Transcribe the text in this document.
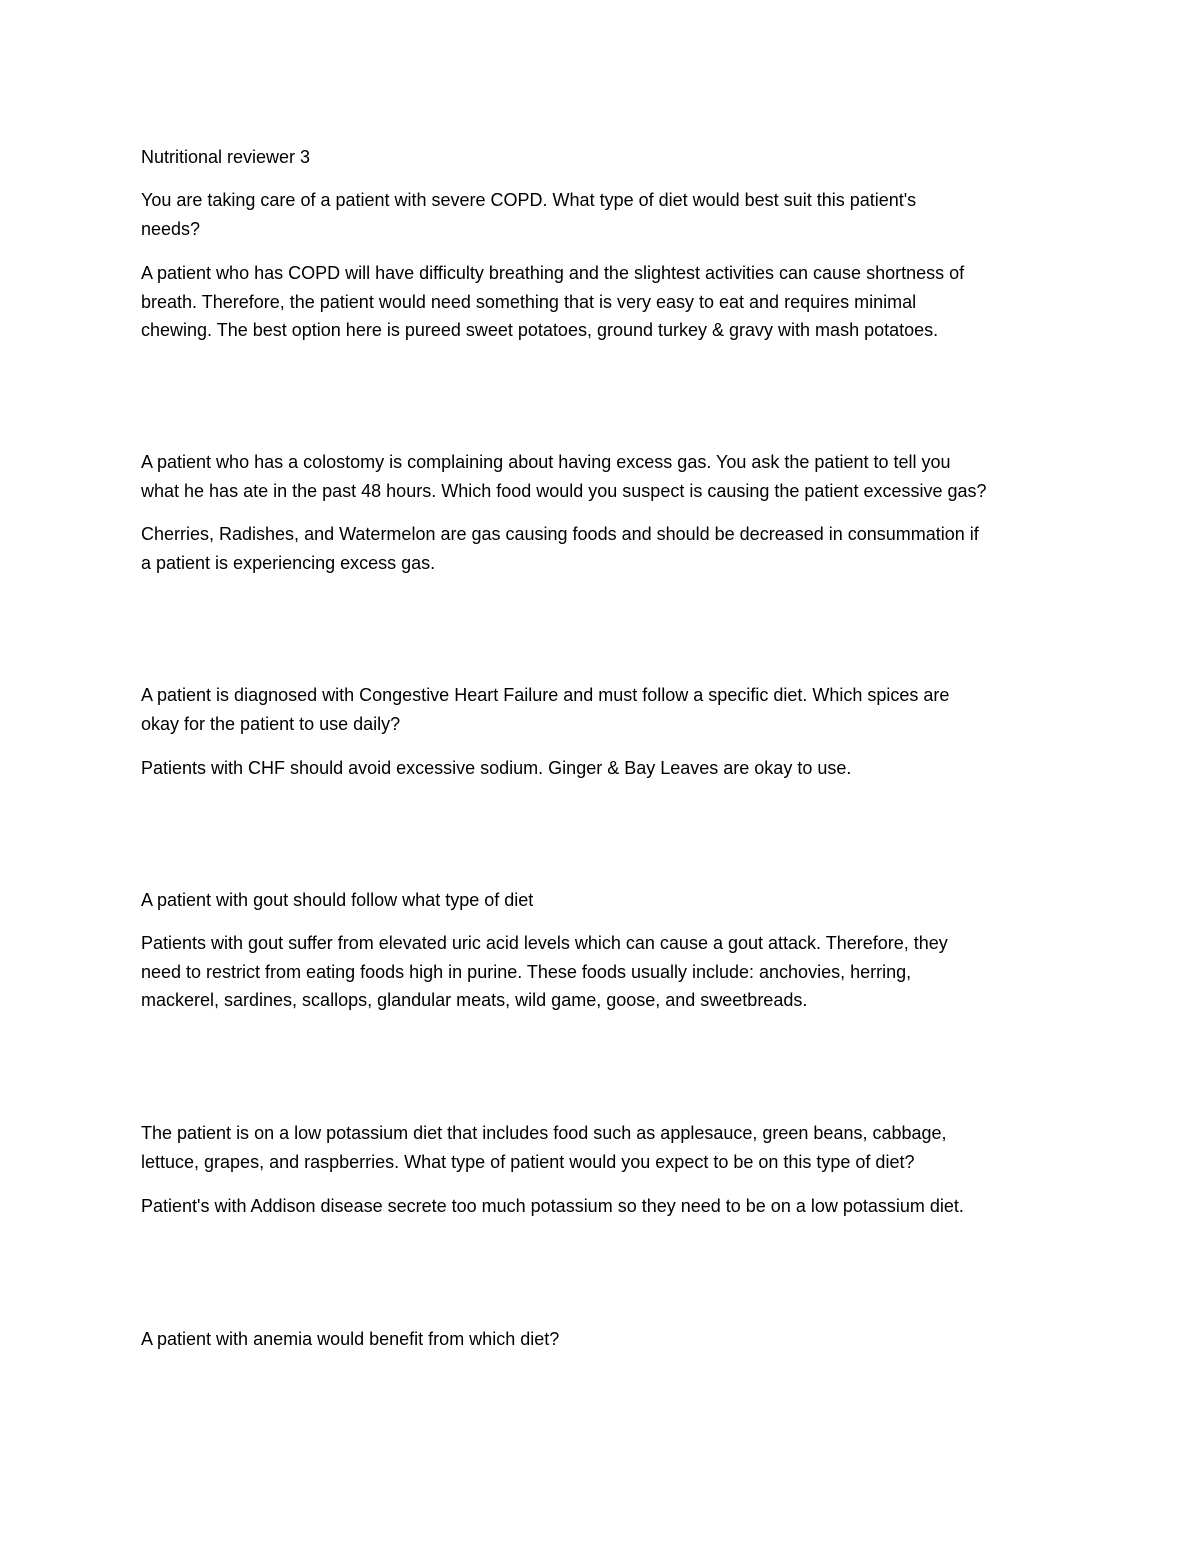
Nutritional reviewer 3

You are taking care of a patient with severe COPD. What type of diet would best suit this patient's
needs?

A patient who has COPD will have difficulty breathing and the slightest activities can cause shortness of
breath. Therefore, the patient would need something that is very easy to eat and requires minimal
chewing. The best option here is pureed sweet potatoes, ground turkey & gravy with mash potatoes.

A patient who has a colostomy is complaining about having excess gas. You ask the patient to tell you
what he has ate in the past 48 hours. Which food would you suspect is causing the patient excessive gas?

Cherries, Radishes, and Watermelon are gas causing foods and should be decreased in consummation if
a patient is experiencing excess gas.

A patient is diagnosed with Congestive Heart Failure and must follow a specific diet. Which spices are
okay for the patient to use daily?

Patients with CHF should avoid excessive sodium. Ginger & Bay Leaves are okay to use.

A patient with gout should follow what type of diet

Patients with gout suffer from elevated uric acid levels which can cause a gout attack. Therefore, they
need to restrict from eating foods high in purine. These foods usually include: anchovies, herring,
mackerel, sardines, scallops, glandular meats, wild game, goose, and sweetbreads.

The patient is on a low potassium diet that includes food such as applesauce, green beans, cabbage,
lettuce, grapes, and raspberries. What type of patient would you expect to be on this type of diet?

Patient's with Addison disease secrete too much potassium so they need to be on a low potassium diet.

A patient with anemia would benefit from which diet?
